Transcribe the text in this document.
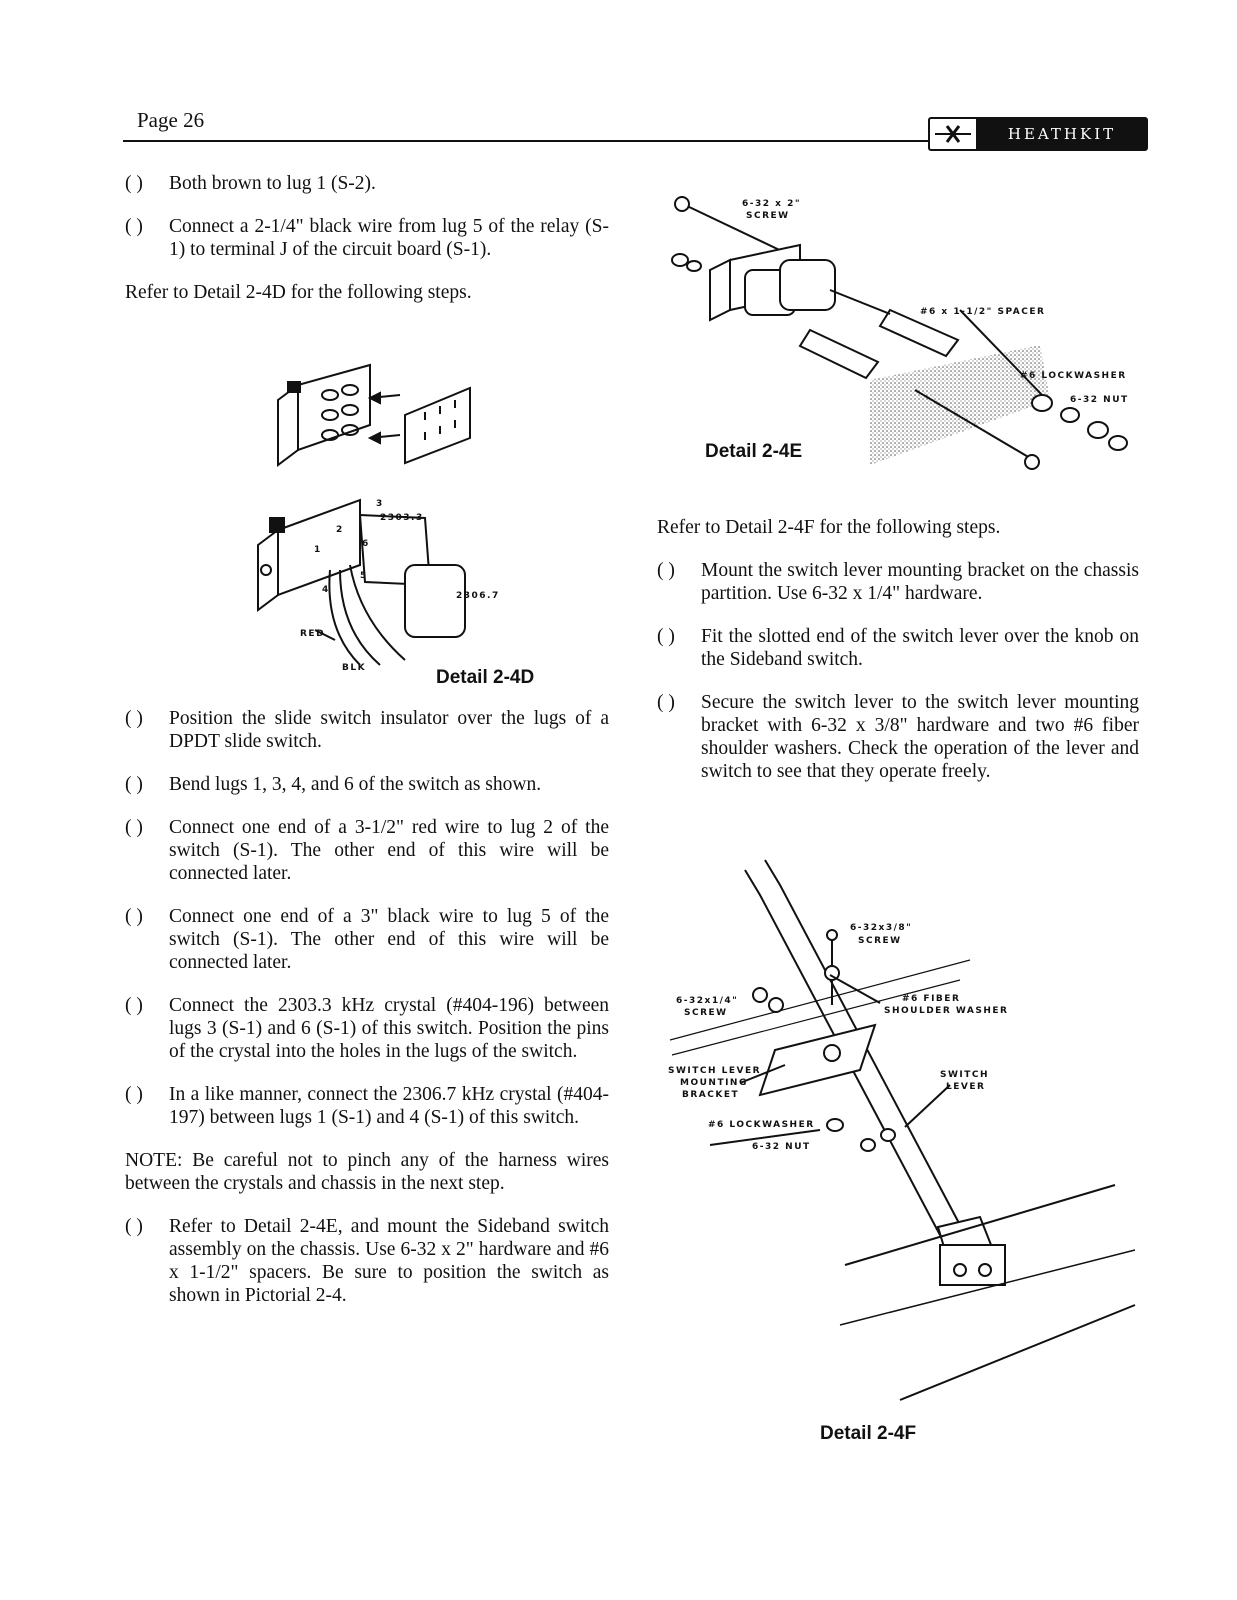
Page 26
HEATHKIT
( )	Both brown to lug 1 (S-2).
( )	Connect a 2-1/4" black wire from lug 5 of the relay (S-1) to terminal J of the circuit board (S-1).

Refer to Detail 2-4D for the following steps.

( )	Position the slide switch insulator over the lugs of a DPDT slide switch.
( )	Bend lugs 1, 3, 4, and 6 of the switch as shown.
( )	Connect one end of a 3-1/2" red wire to lug 2 of the switch (S-1). The other end of this wire will be connected later.
( )	Connect one end of a 3" black wire to lug 5 of the switch (S-1). The other end of this wire will be connected later.
( )	Connect the 2303.3 kHz crystal (#404-196) between lugs 3 (S-1) and 6 (S-1) of this switch. Position the pins of the crystal into the holes in the lugs of the switch.
( )	In a like manner, connect the 2306.7 kHz crystal (#404-197) between lugs 1 (S-1) and 4 (S-1) of this switch.

NOTE: Be careful not to pinch any of the harness wires between the crystals and chassis in the next step.

( )	Refer to Detail 2-4E, and mount the Sideband switch assembly on the chassis. Use 6-32 x 2" hardware and #6 x 1-1/2" spacers. Be sure to position the switch as shown in Pictorial 2-4.
2303.3
2306.7
3
2
1
6
5
4
RED
BLK	Detail 2-4D
6-32 x 2"
SCREW
#6 x 1-1/2" SPACER
#6 LOCKWASHER
6-32 NUT
Detail 2-4E

Refer to Detail 2-4F for the following steps.

( )	Mount the switch lever mounting bracket on the chassis partition. Use 6-32 x 1/4" hardware.
( )	Fit the slotted end of the switch lever over the knob on the Sideband switch.
( )	Secure the switch lever to the switch lever mounting bracket with 6-32 x 3/8" hardware and two #6 fiber shoulder washers. Check the operation of the lever and switch to see that they operate freely.
6-32x3/8"
SCREW
6-32x1/4"
SCREW
#6 FIBER
SHOULDER WASHER
SWITCH LEVER
MOUNTING
BRACKET
SWITCH
LEVER
#6 LOCKWASHER
6-32 NUT
Detail 2-4F
